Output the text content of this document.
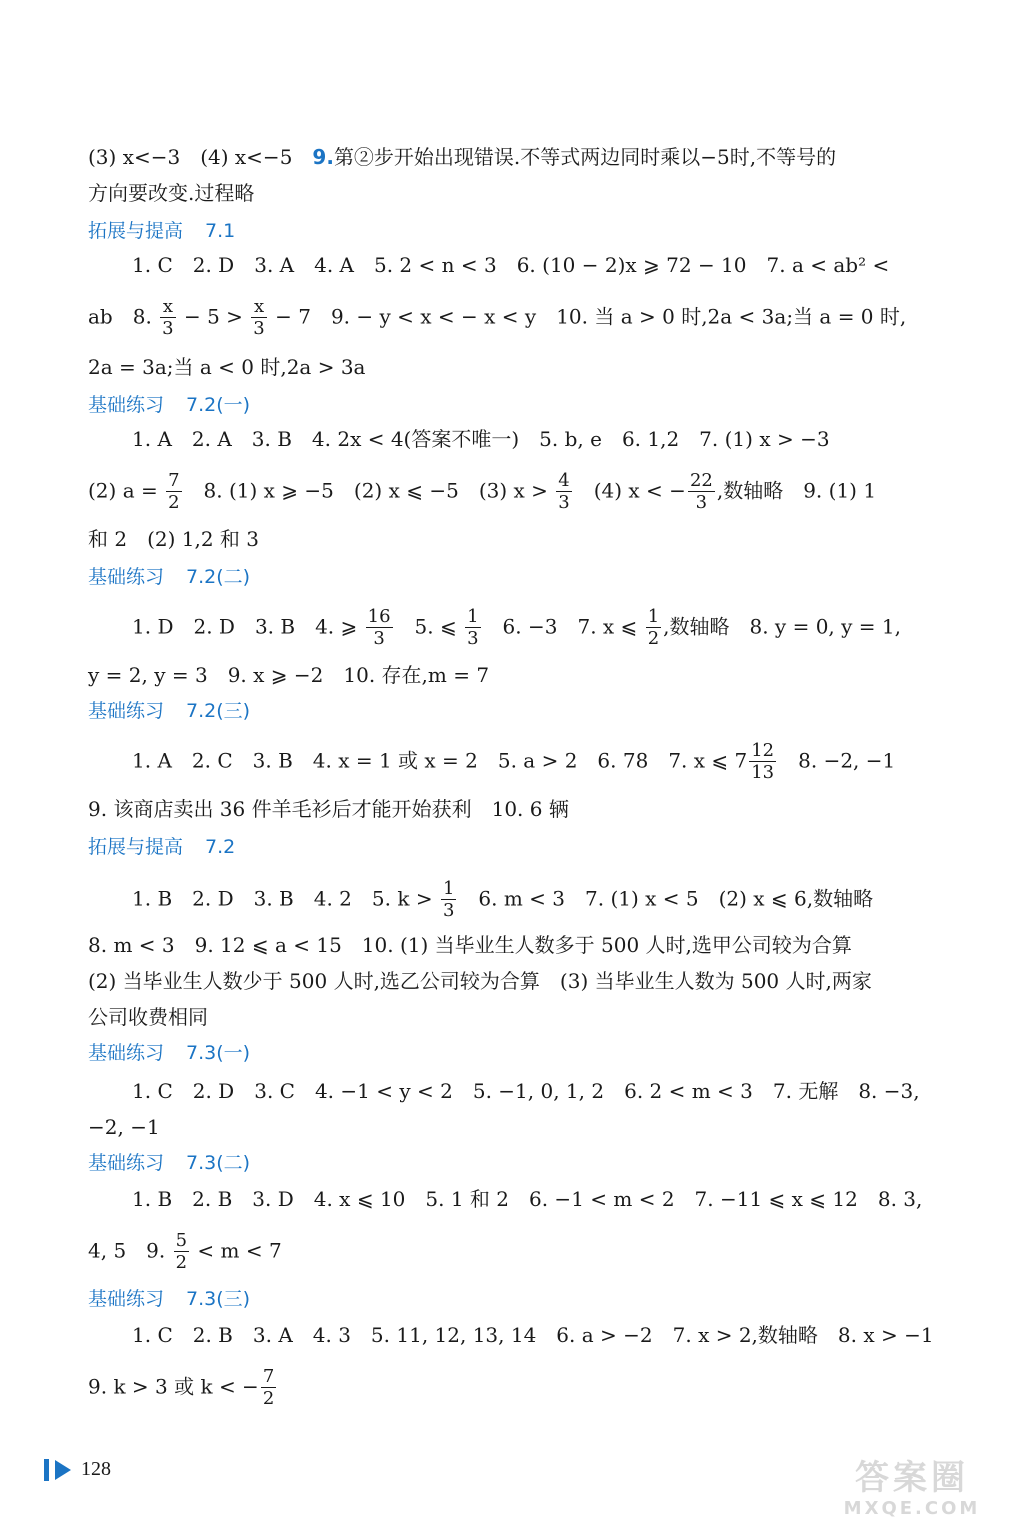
(3) x<−3　(4) x<−5　9.第②步开始出现错误.不等式两边同时乘以−5时,不等号的
方向要改变.过程略
拓展与提高 7.1
1. C　2. D　3. A　4. A　5. 2 < n < 3　6. (10 − 2)x ⩾ 72 − 10　7. a < ab² <
ab　8. $\frac{x}{3} - 5 > \frac{x}{3} - 7$　9. − y < x < − x < y　10. 当 a > 0 时,2a < 3a;当 a = 0 时,
2a = 3a;当 a < 0 时,2a > 3a
基础练习 7.2(一)
1. A　2. A　3. B　4. 2x < 4(答案不唯一)　5. b, e　6. 1,2　7. (1) x > −3
(2) $a = \frac{7}{2}$ 　8. (1) x ⩾ −5　(2) x ⩽ −5　(3) $x > \frac{4}{3}$ 　(4) x < − $\frac{22}{3}$ ,数轴略　9. (1) 1
和 2　(2) 1,2 和 3
基础练习 7.2(二)
1. D　2. D　3. B　4. ⩾ $\frac{16}{3}$ 　5. ⩽ $\frac{1}{3}$ 　6. −3　7. x ⩽ $\frac{1}{2}$ ,数轴略　8. y = 0, y = 1,
y = 2, y = 3　9. x ⩾ −2　10. 存在,m = 7
基础练习 7.2(三)
1. A　2. C　3. B　4. x = 1 或 x = 2　5. a > 2　6. 78　7. x ⩽ $7 \frac{12}{13}$ 　8. −2, −1
9. 该商店卖出 36 件羊毛衫后才能开始获利　10. 6 辆
拓展与提高 7.2
1. B　2. D　3. B　4. 2　5. $k > \frac{1}{3}$ 　6. m < 3　7. (1) x < 5　(2) x ⩽ 6,数轴略
8. m < 3　9. 12 ⩽ a < 15　10. (1) 当毕业生人数多于 500 人时,选甲公司较为合算
(2) 当毕业生人数少于 500 人时,选乙公司较为合算　(3) 当毕业生人数为 500 人时,两家
公司收费相同
基础练习 7.3(一)
1. C　2. D　3. C　4. −1 < y < 2　5. −1, 0, 1, 2　6. 2 < m < 3　7. 无解　8. −3,
−2, −1
基础练习 7.3(二)
1. B　2. B　3. D　4. x ⩽ 10　5. 1 和 2　6. −1 < m < 2　7. −11 ⩽ x ⩽ 12　8. 3,
4, 5　9. $\frac{5}{2} < m < 7$
基础练习 7.3(三)
1. C　2. B　3. A　4. 3　5. 11, 12, 13, 14　6. a > −2　7. x > 2,数轴略　8. x > −1
9. k > 3 或 k < − $\frac{7}{2}$
128	答案圈
MXQE.COM
